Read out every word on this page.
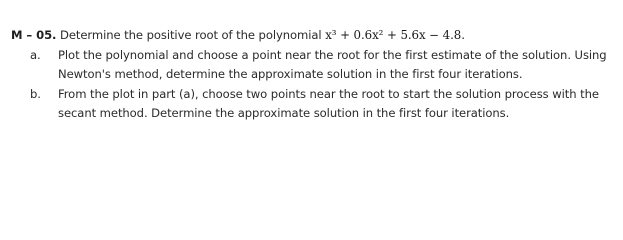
M – 05. Determine the positive root of the polynomial x³ + 0.6x² + 5.6x − 4.8.
a. Plot the polynomial and choose a point near the root for the first estimate of the solution. Using Newton's method, determine the approximate solution in the first four iterations.
b. From the plot in part (a), choose two points near the root to start the solution process with the secant method. Determine the approximate solution in the first four iterations.
